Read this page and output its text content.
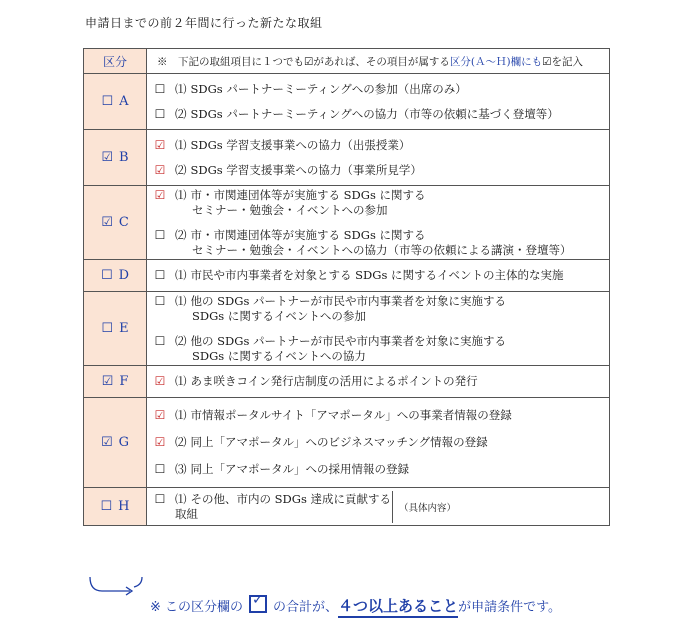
申請日までの前２年間に行った新たな取組
区分	※　下記の取組項目に１つでも☑があれば、その項目が属する区分(Ａ～Ｈ)欄にも☑を記入
☐ A	
☐ ⑴ SDGs パートナーミーティングへの参加（出席のみ）
☐ ⑵ SDGs パートナーミーティングへの協力（市等の依頼に基づく登壇等）

☑ B	
☑ ⑴ SDGs 学習支援事業への協力（出張授業）
☑ ⑵ SDGs 学習支援事業への協力（事業所見学）

☑ C	
☑ ⑴ 市・市関連団体等が実施する SDGs に関する
セミナー・勉強会・イベントへの参加
☐ ⑵ 市・市関連団体等が実施する SDGs に関する
セミナー・勉強会・イベントへの協力（市等の依頼による講演・登壇等）

☐ D	☐ ⑴ 市民や市内事業者を対象とする SDGs に関するイベントの主体的な実施

☐ E	
☐ ⑴ 他の SDGs パートナーが市民や市内事業者を対象に実施する
SDGs に関するイベントへの参加
☐ ⑵ 他の SDGs パートナーが市民や市内事業者を対象に実施する
SDGs に関するイベントへの協力

☑ F	☑ ⑴ あま咲きコイン発行店制度の活用によるポイントの発行

☑ G	
☑ ⑴ 市情報ポータルサイト「アマポータル」への事業者情報の登録
☑ ⑵ 同上「アマポータル」へのビジネスマッチング情報の登録
☐ ⑶ 同上「アマポータル」への採用情報の登録

☐ H	
☐ ⑴ その他、市内の SDGs 達成に貢献する取組	（具体内容）
※ この区分欄の✓ の合計が、４つ以上あることが申請条件です。
